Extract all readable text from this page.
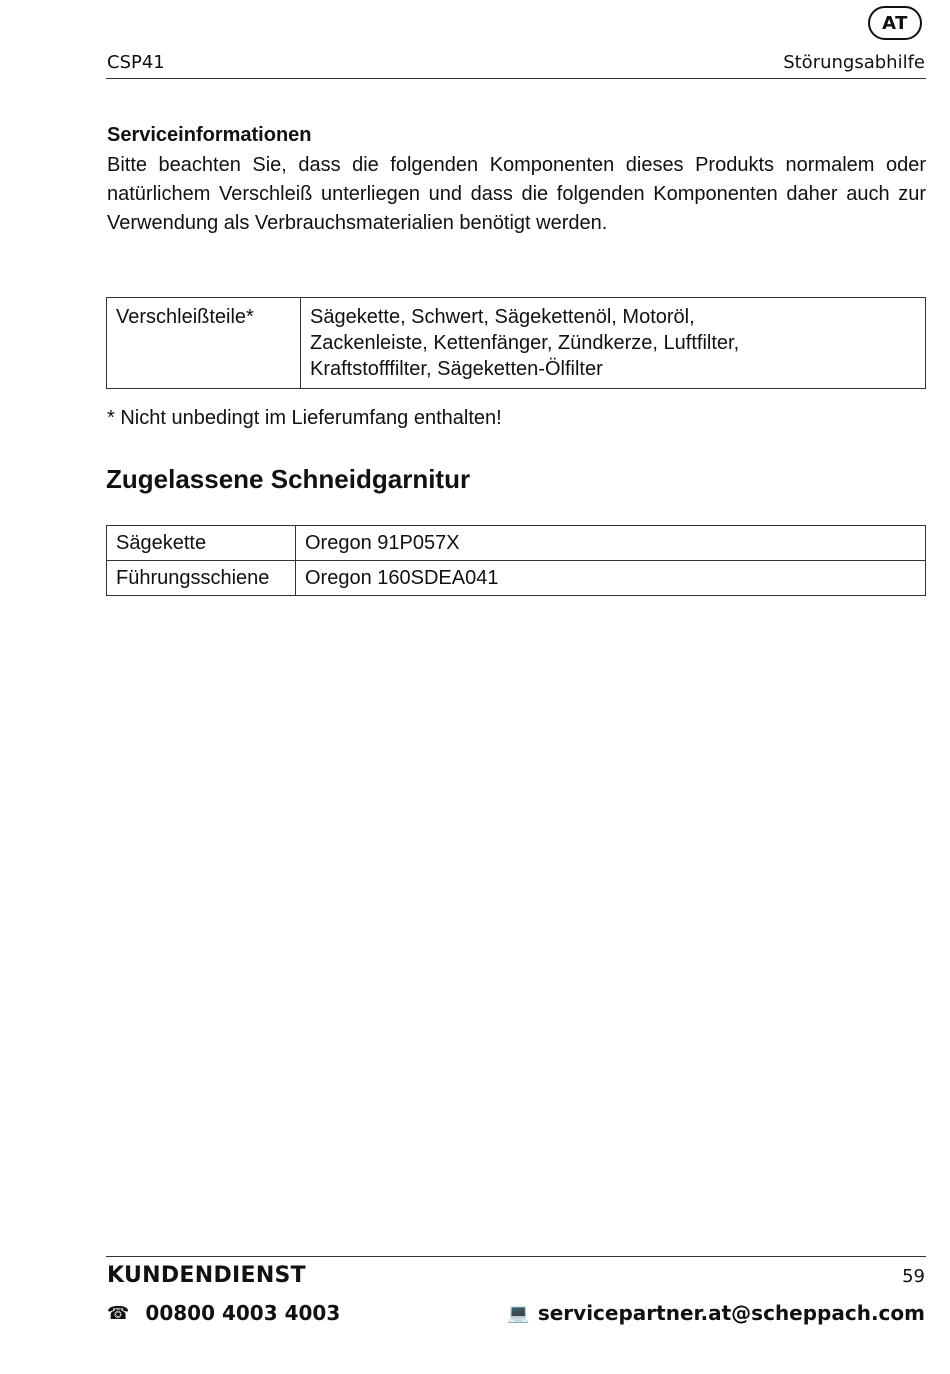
AT
CSP41	Störungsabhilfe
Serviceinformationen

Bitte beachten Sie, dass die folgenden Komponenten dieses Produkts normalem oder natürlichem Verschleiß unterliegen und dass die folgenden Komponenten daher auch zur Verwendung als Verbrauchsmaterialien benötigt werden.

Verschleißteile*	Sägekette, Schwert, Sägekettenöl, Motoröl,
Zackenleiste, Kettenfänger, Zündkerze, Luftfilter,
Kraftstofffilter, Sägeketten-Ölfilter
* Nicht unbedingt im Lieferumfang enthalten!
Zugelassene Schneidgarnitur
Sägekette	Oregon 91P057X
Führungsschiene	Oregon 160SDEA041
KUNDENDIENST	59
☎ 00800 4003 4003	💻 servicepartner.at@scheppach.com
